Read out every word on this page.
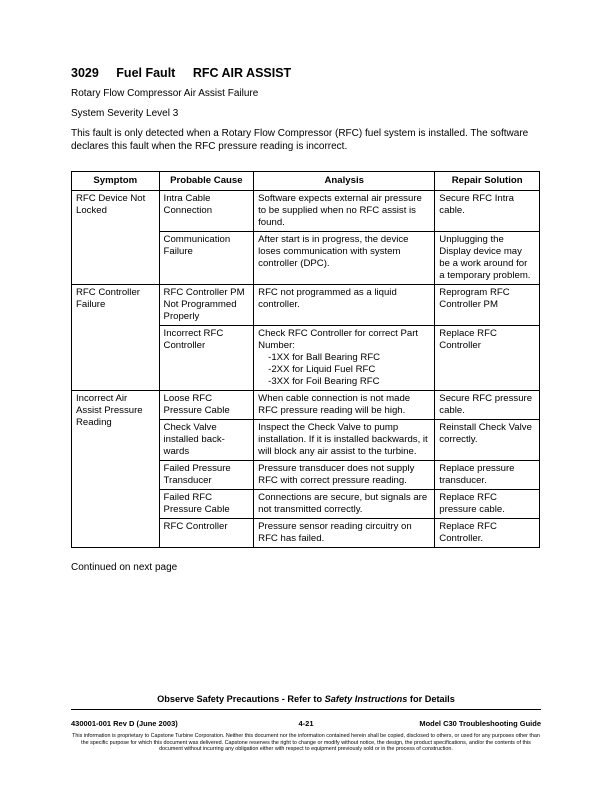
3029 Fuel Fault RFC AIR ASSIST
Rotary Flow Compressor Air Assist Failure
System Severity Level 3

This fault is only detected when a Rotary Flow Compressor (RFC) fuel system is installed. The software declares this fault when the RFC pressure reading is incorrect.

Symptom	Probable Cause	Analysis	Repair Solution
RFC Device Not Locked	Intra Cable Connection	Software expects external air pressure to be supplied when no RFC assist is found.	Secure RFC Intra cable.
	Communication Failure	After start is in progress, the device loses communication with system controller (DPC).	Unplugging the Display device may be a work around for a temporary problem.
RFC Controller Failure	RFC Controller PM Not Programmed Properly	RFC not programmed as a liquid controller.	Reprogram RFC Controller PM
	Incorrect RFC Controller	Check RFC Controller for correct Part Number:
-1XX for Ball Bearing RFC
-2XX for Liquid Fuel RFC
-3XX for Foil Bearing RFC	Replace RFC Controller
Incorrect Air Assist Pressure Reading	Loose RFC Pressure Cable	When cable connection is not made RFC pressure reading will be high.	Secure RFC pressure cable.
	Check Valve installed back-wards	Inspect the Check Valve to pump installation. If it is installed backwards, it will block any air assist to the turbine.	Reinstall Check Valve correctly.
	Failed Pressure Transducer	Pressure transducer does not supply RFC with correct pressure reading.	Replace pressure transducer.
	Failed RFC Pressure Cable	Connections are secure, but signals are not transmitted correctly.	Replace RFC pressure cable.
	RFC Controller	Pressure sensor reading circuitry on RFC has failed.	Replace RFC Controller.
Continued on next page
Observe Safety Precautions - Refer to Safety Instructions for Details
430001-001 Rev D (June 2003)	4-21	Model C30 Troubleshooting Guide
This information is proprietary to Capstone Turbine Corporation. Neither this document nor the information contained herein shall be copied, disclosed to others, or used for any purposes other than the specific purpose for which this document was delivered. Capstone reserves the right to change or modify without notice, the design, the product specifications, and/or the contents of this document without incurring any obligation either with respect to equipment previously sold or in the process of construction.
